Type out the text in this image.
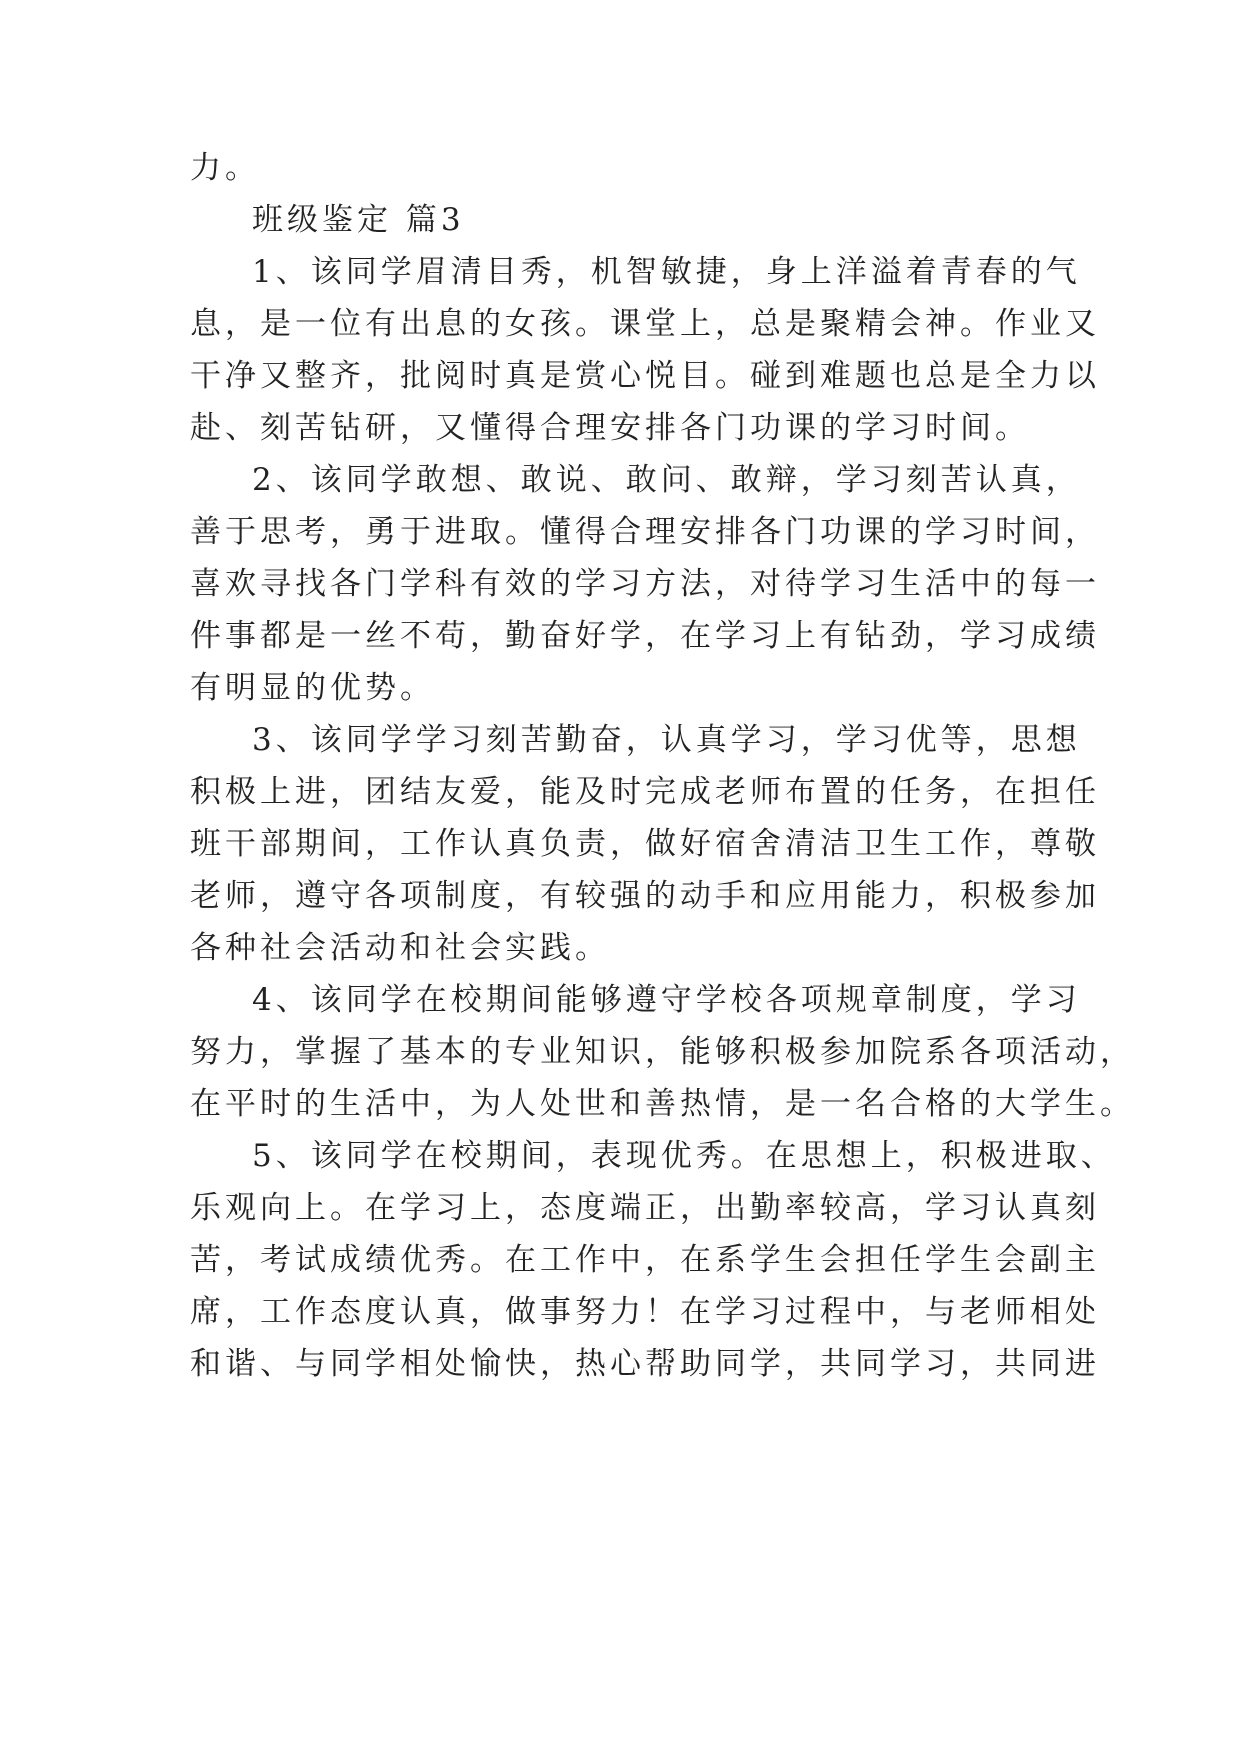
力。
班级鉴定 篇3
1、该同学眉清目秀，机智敏捷，身上洋溢着青春的气
息，是一位有出息的女孩。课堂上，总是聚精会神。作业又
干净又整齐，批阅时真是赏心悦目。碰到难题也总是全力以
赴、刻苦钻研，又懂得合理安排各门功课的学习时间。
2、该同学敢想、敢说、敢问、敢辩，学习刻苦认真，
善于思考，勇于进取。懂得合理安排各门功课的学习时间，
喜欢寻找各门学科有效的学习方法，对待学习生活中的每一
件事都是一丝不苟，勤奋好学，在学习上有钻劲，学习成绩
有明显的优势。
3、该同学学习刻苦勤奋，认真学习，学习优等，思想
积极上进，团结友爱，能及时完成老师布置的任务，在担任
班干部期间，工作认真负责，做好宿舍清洁卫生工作，尊敬
老师，遵守各项制度，有较强的动手和应用能力，积极参加
各种社会活动和社会实践。
4、该同学在校期间能够遵守学校各项规章制度，学习
努力，掌握了基本的专业知识，能够积极参加院系各项活动，
在平时的生活中，为人处世和善热情，是一名合格的大学生。
5、该同学在校期间，表现优秀。在思想上，积极进取、
乐观向上。在学习上，态度端正，出勤率较高，学习认真刻
苦，考试成绩优秀。在工作中，在系学生会担任学生会副主
席，工作态度认真，做事努力！在学习过程中，与老师相处
和谐、与同学相处愉快，热心帮助同学，共同学习，共同进
